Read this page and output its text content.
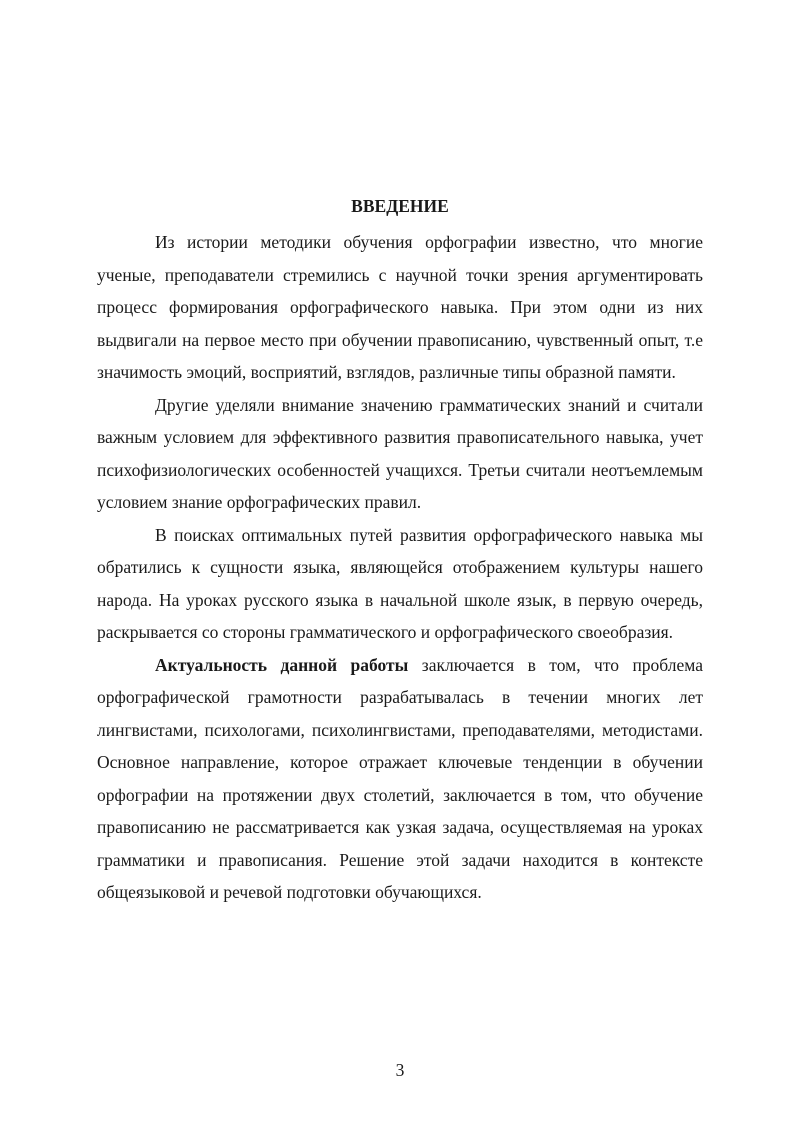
ВВЕДЕНИЕ

Из истории методики обучения орфографии известно, что многие ученые, преподаватели стремились с научной точки зрения аргументировать процесс формирования орфографического навыка. При этом одни из них выдвигали на первое место при обучении правописанию, чувственный опыт, т.е значимость эмоций, восприятий, взглядов, различные типы образной памяти.

Другие уделяли внимание значению грамматических знаний и считали важным условием для эффективного развития правописательного навыка, учет психофизиологических особенностей учащихся. Третьи считали неотъемлемым условием знание орфографических правил.

В поисках оптимальных путей развития орфографического навыка мы обратились к сущности языка, являющейся отображением культуры нашего народа. На уроках русского языка в начальной школе язык, в первую очередь, раскрывается со стороны грамматического и орфографического своеобразия.

Актуальность данной работы заключается в том, что проблема орфографической грамотности разрабатывалась в течении многих лет лингвистами, психологами, психолингвистами, преподавателями, методистами. Основное направление, которое отражает ключевые тенденции в обучении орфографии на протяжении двух столетий, заключается в том, что обучение правописанию не рассматривается как узкая задача, осуществляемая на уроках грамматики и правописания. Решение этой задачи находится в контексте общеязыковой и речевой подготовки обучающихся.

3
